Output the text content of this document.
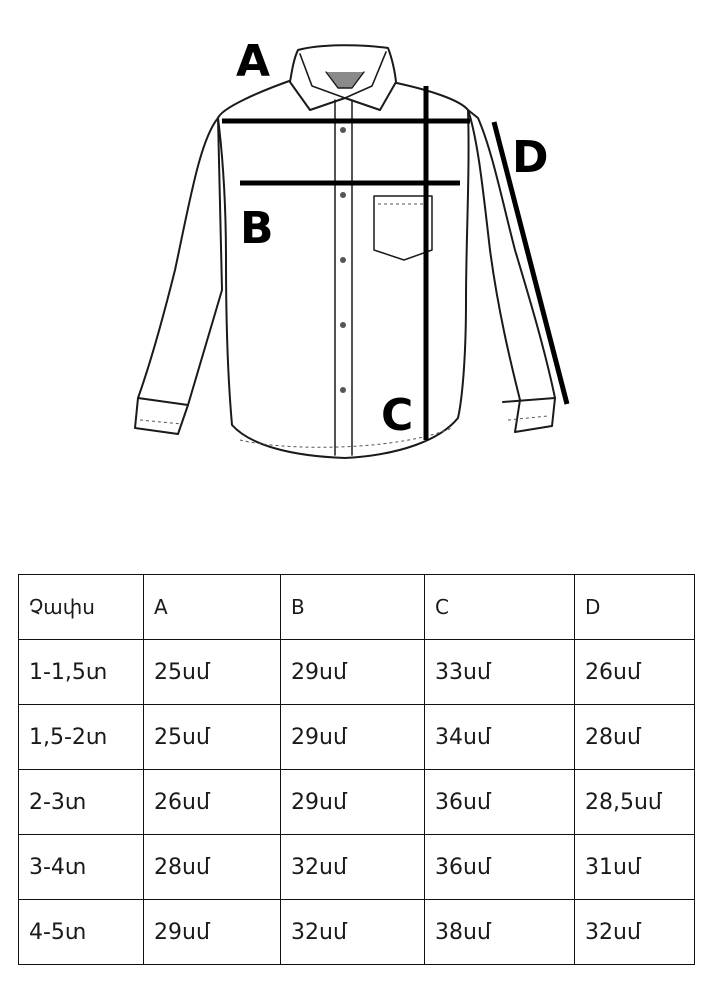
A
B
C
D
Չափս	A	B	C	D
1-1,5տ	25սմ	29սմ	33սմ	26սմ
1,5-2տ	25սմ	29սմ	34սմ	28սմ
2-3տ	26սմ	29սմ	36սմ	28,5սմ
3-4տ	28սմ	32սմ	36սմ	31սմ
4-5տ	29սմ	32սմ	38սմ	32սմ
